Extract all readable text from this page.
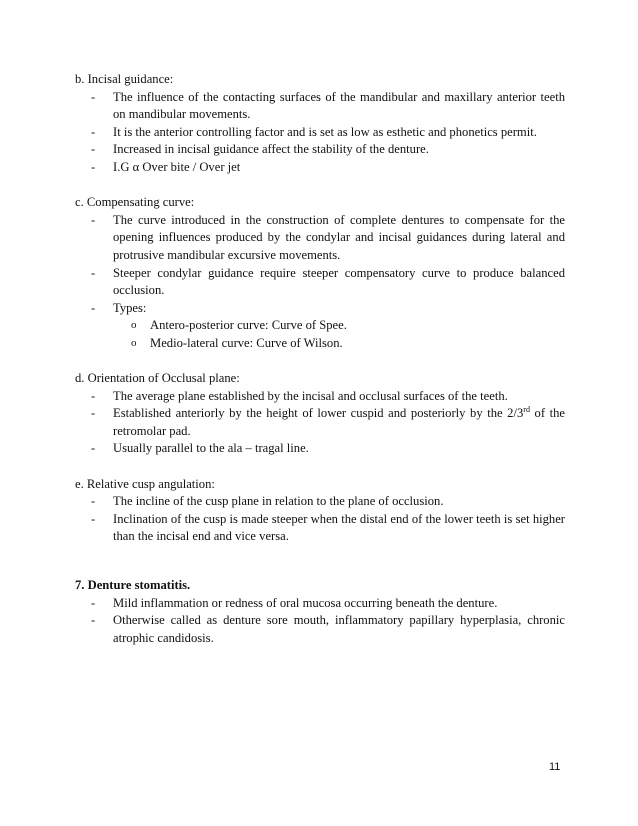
b. Incisal guidance:

- The influence of the contacting surfaces of the mandibular and maxillary anterior teeth on mandibular movements.
- It is the anterior controlling factor and is set as low as esthetic and phonetics permit.
- Increased in incisal guidance affect the stability of the denture.
- I.G α Over bite / Over jet

c. Compensating curve:

- The curve introduced in the construction of complete dentures to compensate for the opening influences produced by the condylar and incisal guidances during lateral and protrusive mandibular excursive movements.
- Steeper condylar guidance require steeper compensatory curve to produce balanced occlusion.
- Types:
o Antero-posterior curve: Curve of Spee.
o Medio-lateral curve: Curve of Wilson.

d. Orientation of Occlusal plane:

- The average plane established by the incisal and occlusal surfaces of the teeth.
- Established anteriorly by the height of lower cuspid and posteriorly by the 2/3rd of the retromolar pad.
- Usually parallel to the ala – tragal line.

e. Relative cusp angulation:

- The incline of the cusp plane in relation to the plane of occlusion.
- Inclination of the cusp is made steeper when the distal end of the lower teeth is set higher than the incisal end and vice versa.

7. Denture stomatitis.

- Mild inflammation or redness of oral mucosa occurring beneath the denture.
- Otherwise called as denture sore mouth, inflammatory papillary hyperplasia, chronic atrophic candidosis.
11
